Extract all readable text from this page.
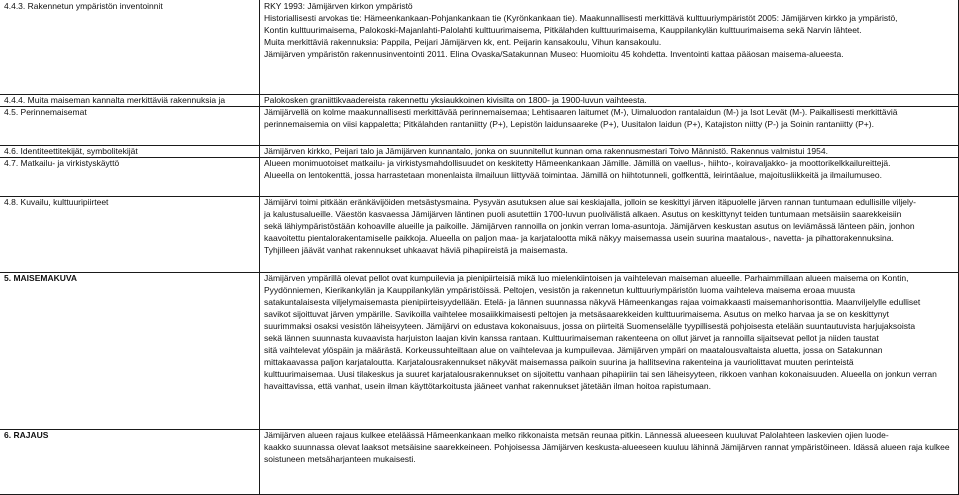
4.4.3. Rakennetun ympäristön inventoinnit	RKY 1993: Jämijärven kirkon ympäristö
Historiallisesti arvokas tie: Hämeenkankaan-Pohjankankaan tie (Kyrönkankaan tie). Maakunnallisesti merkittävä kulttuuriympäristöt 2005: Jämijärven kirkko ja ympäristö,
Kontin kulttuurimaisema, Palokoski-Majanlahti-Palolahti kulttuurimaisema, Pitkälahden kulttuurimaisema, Kauppilankylän kulttuurimaisema sekä Narvin lähteet.
Muita merkittäviä rakennuksia: Pappila, Peijari Jämijärven kk, ent. Peijarin kansakoulu, Vihun kansakoulu.
Jämijärven ympäristön rakennusinventointi 2011. Elina Ovaska/Satakunnan Museo: Huomioitu 45 kohdetta. Inventointi kattaa pääosan maisema-alueesta.
4.4.4. Muita maiseman kannalta merkittäviä rakennuksia ja	Palokosken graniittikvaadereista rakennettu yksiaukkoinen kivisilta on 1800- ja 1900-luvun vaihteesta.
4.5. Perinnemaisemat	Jämijärvellä on kolme maakunnallisesti merkittävää perinnemaisemaa; Lehtisaaren laitumet (M-), Uimaluodon rantalaidun (M-) ja Isot Levät (M-). Paikallisesti merkittäviä
perinnemaisemia on viisi kappaletta; Pitkälahden rantaniitty (P+), Lepistön laidunsaareke (P+), Uusitalon laidun (P+), Katajiston niitty (P-) ja Soinin rantaniitty (P+).
4.6. Identiteettitekijät, symbolitekijät	Jämijärven kirkko, Peijari talo ja Jämijärven kunnantalo, jonka on suunnitellut kunnan oma rakennusmestari Toivo Männistö. Rakennus valmistui 1954.
4.7. Matkailu- ja virkistyskäyttö	Alueen monimuotoiset matkailu- ja virkistysmahdollisuudet on keskitetty Hämeenkankaan Jämille. Jämillä on vaellus-, hiihto-, koiravaljakko- ja moottorikelkkailureittejä.
Alueella on lentokenttä, jossa harrastetaan monenlaista ilmailuun liittyvää toimintaa. Jämillä on hiihtotunneli, golfkenttä, leirintäalue, majoitusliikkeitä ja ilmailumuseo.
4.8. Kuvailu, kulttuuripiirteet	Jämijärvi toimi pitkään eränkävijöiden metsästysmaina. Pysyvän asutuksen alue sai keskiajalla, jolloin se keskittyi järven itäpuolelle järven rannan tuntumaan edullisille viljely-
ja kalustusalueille. Väestön kasvaessa Jämijärven läntinen puoli asutettiin 1700-luvun puolivälistä alkaen. Asutus on keskittynyt teiden tuntumaan metsäisiin saarekkeisiin
sekä lähiympäristöstään kohoaville alueille ja paikoille. Jämijärven rannoilla on jonkin verran loma-asuntoja. Jämijärven keskustan asutus on leviämässä länteen päin, jonhon
kaavoitettu pientalorakentamiselle paikkoja. Alueella on paljon maa- ja karjatalootta mikä näkyy maisemassa usein suurina maatalous-, navetta- ja pihattorakennuksina.
Tyhjilleen jäävät vanhat rakennukset uhkaavat häviä pihapiireistä ja maisemasta.
5. MAISEMAKUVA	Jämijärven ympärillä olevat pellot ovat kumpuilevia ja pienipiirteisiä mikä luo mielenkiintoisen ja vaihtelevan maiseman alueelle. Parhaimmillaan alueen maisema on Kontin,
Pyydönniemen, Kierikankylän ja Kauppilankylän ympäristöissä. Peltojen, vesistön ja rakennetun kulttuuriympäristön luoma vaihteleva maisema eroaa muusta
satakuntalaisesta viljelymaisemasta pienipiirteisyydellään. Etelä- ja lännen suunnassa näkyvä Hämeenkangas rajaa voimakkaasti maisemanhorisonttia. Maanviljelylle edulliset
savikot sijoittuvat järven ympärille. Savikoilla vaihtelee mosaiikkimaisesti peltojen ja metsäsaarekkeiden kulttuurimaisema. Asutus on melko harvaa ja se on keskittynyt
suurimmaksi osaksi vesistön läheisyyteen. Jämijärvi on edustava kokonaisuus, jossa on piirteitä Suomenselälle tyypillisestä pohjoisesta etelään suuntautuvista harjujaksoista
sekä lännen suunnasta kuvaavista harjuiston laajan kivin kanssa rantaan. Kulttuurimaiseman rakenteena on ollut järvet ja rannoilla sijaitsevat pellot ja niiden taustat
sitä vaihtelevat ylöspäin ja määrästä. Korkeussuhteiltaan alue on vaihtelevaa ja kumpuilevaa. Jämijärven ympäri on maatalousvaltaista aluetta, jossa on Satakunnan
mittakaavassa paljon karjataloutta. Karjatalousrakennukset näkyvät maisemassa paikoin suurina ja hallitsevina rakenteina ja vauriolittavat muuten perinteistä
kulttuurimaisemaa. Uusi tilakeskus ja suuret karjatalousrakennukset on sijoitettu vanhaan pihapiiriin tai sen läheisyyteen, rikkoen vanhan kokonaisuuden. Alueella on jonkun verran
havaittavissa, että vanhat, usein ilman käyttötarkoitusta jääneet vanhat rakennukset jätetään ilman hoitoa rapistumaan.
6. RAJAUS	Jämijärven alueen rajaus kulkee eteläässä Hämeenkankaan melko rikkonaista metsän reunaa pitkin. Lännessä alueeseen kuuluvat Palolahteen laskevien ojien luode-
kaakko suunnassa olevat laaksot metsäisine saarekkeineen. Pohjoisessa Jämijärven keskusta-alueeseen kuuluu lähinnä Jämijärven rannat ympäristöineen. Idässä alueen raja kulkee
soistuneen metsäharjanteen mukaisesti.
